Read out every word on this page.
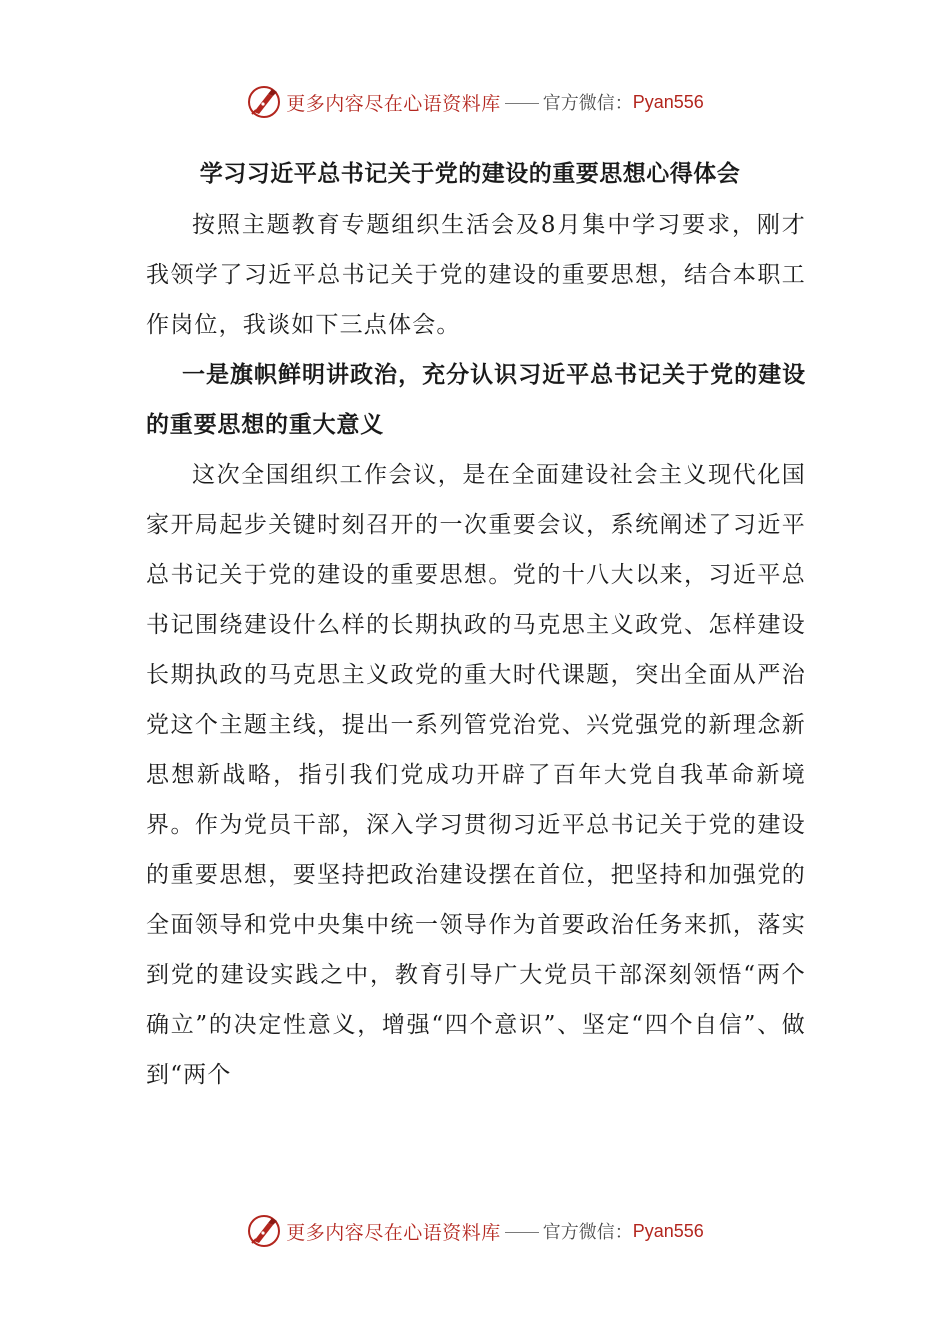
更多内容尽在心语资料库 官方微信： Pyan556
学习习近平总书记关于党的建设的重要思想心得体会

按照主题教育专题组织生活会及8月集中学习要求，刚才我领学了习近平总书记关于党的建设的重要思想，结合本职工作岗位，我谈如下三点体会。

一是旗帜鲜明讲政治，充分认识习近平总书记关于党的建设的重要思想的重大意义

这次全国组织工作会议，是在全面建设社会主义现代化国家开局起步关键时刻召开的一次重要会议，系统阐述了习近平总书记关于党的建设的重要思想。党的十八大以来，习近平总书记围绕建设什么样的长期执政的马克思主义政党、怎样建设长期执政的马克思主义政党的重大时代课题，突出全面从严治党这个主题主线，提出一系列管党治党、兴党强党的新理念新思想新战略，指引我们党成功开辟了百年大党自我革命新境界。作为党员干部，深入学习贯彻习近平总书记关于党的建设的重要思想，要坚持把政治建设摆在首位，把坚持和加强党的全面领导和党中央集中统一领导作为首要政治任务来抓，落实到党的建设实践之中，教育引导广大党员干部深刻领悟“两个确立”的决定性意义，增强“四个意识”、坚定“四个自信”、做到“两个

更多内容尽在心语资料库 官方微信： Pyan556
